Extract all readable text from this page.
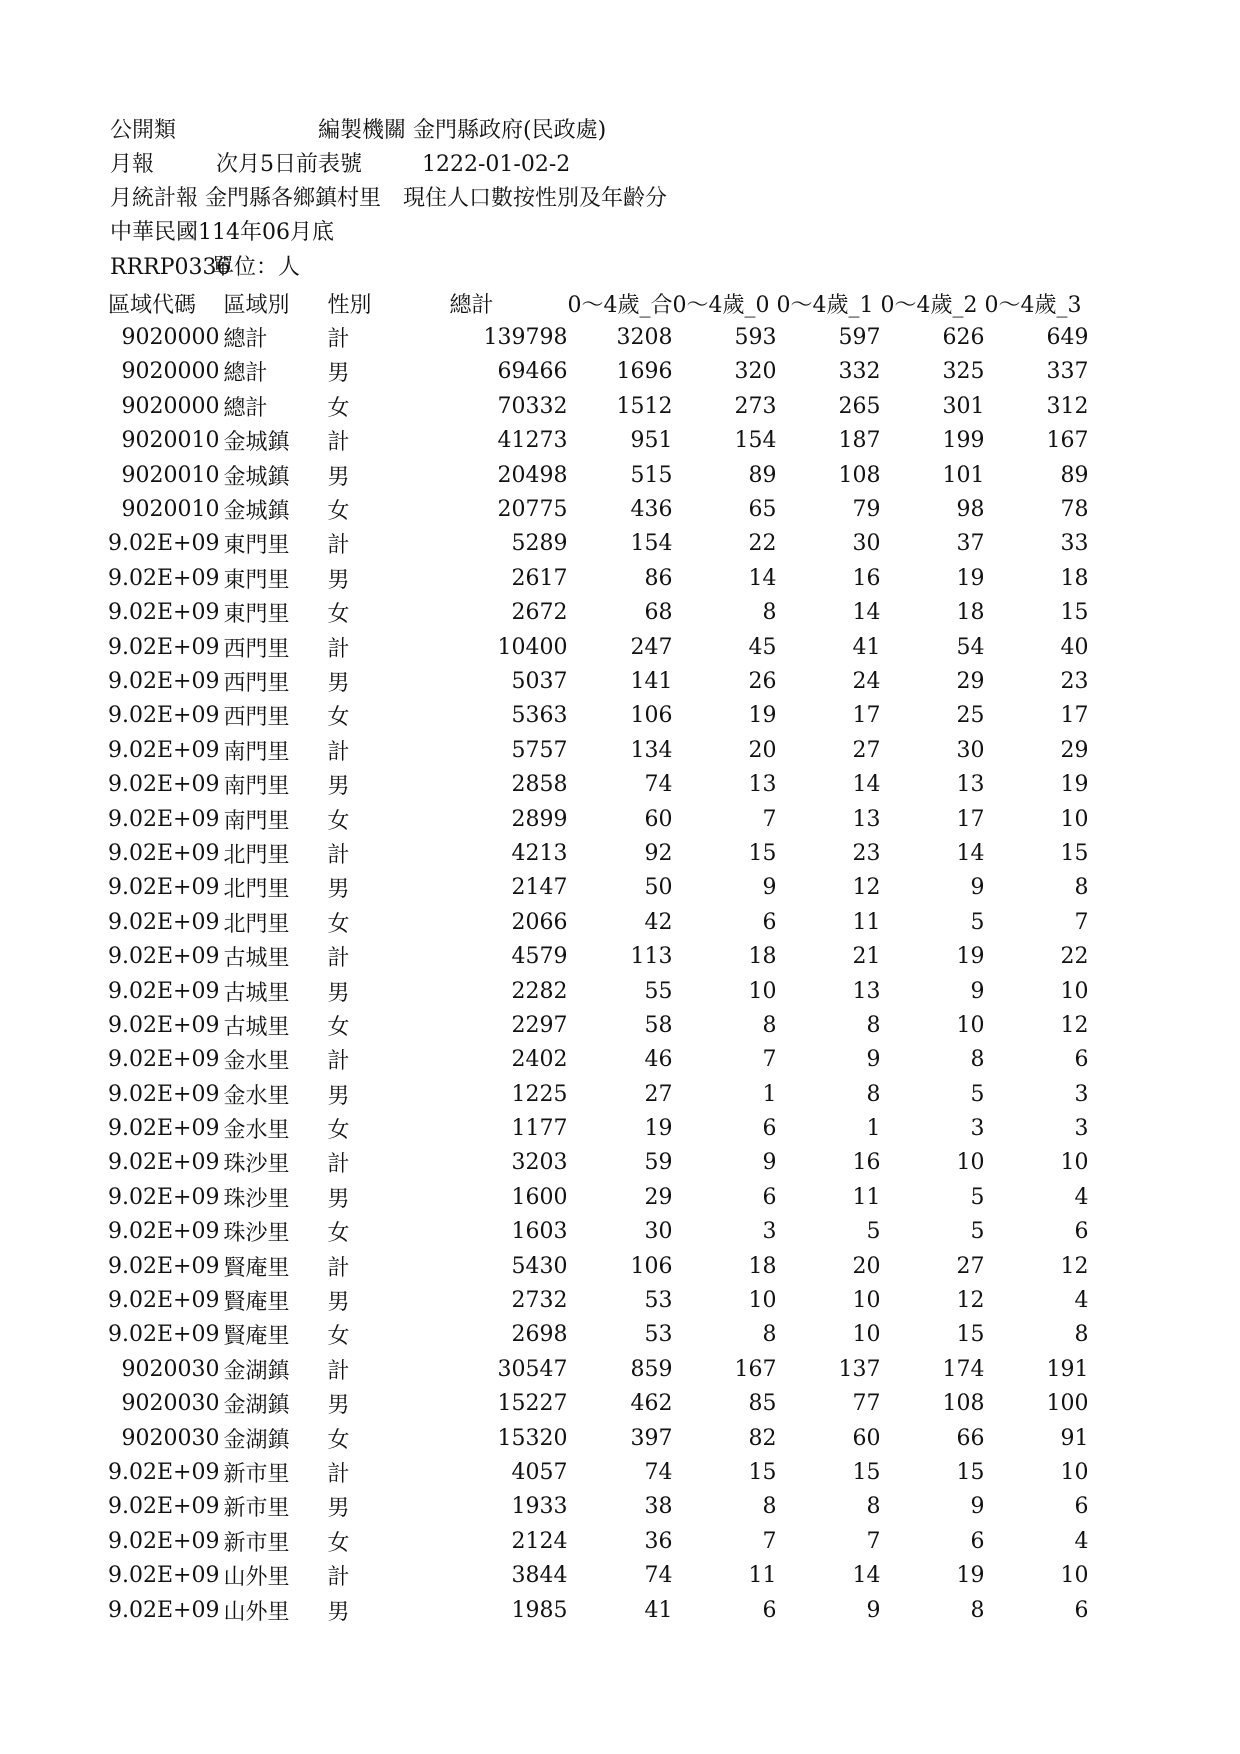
公開類	編製機關 金門縣政府(民政處)
月報	次月5日前 表號	1222-01-02-2
月統計報 金門縣各鄉鎮村里　現住人口數按性別及年齡分
中華民國114年06月底
RRRP0336
單位：人
區域代碼	區域別	性別	總計	0～4歲_合	0～4歲_0	0～4歲_1	0～4歲_2	0～4歲_3
9020000	總計	計	139798	3208	593	597	626	649
9020000	總計	男	69466	1696	320	332	325	337
9020000	總計	女	70332	1512	273	265	301	312
9020010	金城鎮	計	41273	951	154	187	199	167
9020010	金城鎮	男	20498	515	89	108	101	89
9020010	金城鎮	女	20775	436	65	79	98	78
9.02E+09	東門里	計	5289	154	22	30	37	33
9.02E+09	東門里	男	2617	86	14	16	19	18
9.02E+09	東門里	女	2672	68	8	14	18	15
9.02E+09	西門里	計	10400	247	45	41	54	40
9.02E+09	西門里	男	5037	141	26	24	29	23
9.02E+09	西門里	女	5363	106	19	17	25	17
9.02E+09	南門里	計	5757	134	20	27	30	29
9.02E+09	南門里	男	2858	74	13	14	13	19
9.02E+09	南門里	女	2899	60	7	13	17	10
9.02E+09	北門里	計	4213	92	15	23	14	15
9.02E+09	北門里	男	2147	50	9	12	9	8
9.02E+09	北門里	女	2066	42	6	11	5	7
9.02E+09	古城里	計	4579	113	18	21	19	22
9.02E+09	古城里	男	2282	55	10	13	9	10
9.02E+09	古城里	女	2297	58	8	8	10	12
9.02E+09	金水里	計	2402	46	7	9	8	6
9.02E+09	金水里	男	1225	27	1	8	5	3
9.02E+09	金水里	女	1177	19	6	1	3	3
9.02E+09	珠沙里	計	3203	59	9	16	10	10
9.02E+09	珠沙里	男	1600	29	6	11	5	4
9.02E+09	珠沙里	女	1603	30	3	5	5	6
9.02E+09	賢庵里	計	5430	106	18	20	27	12
9.02E+09	賢庵里	男	2732	53	10	10	12	4
9.02E+09	賢庵里	女	2698	53	8	10	15	8
9020030	金湖鎮	計	30547	859	167	137	174	191
9020030	金湖鎮	男	15227	462	85	77	108	100
9020030	金湖鎮	女	15320	397	82	60	66	91
9.02E+09	新市里	計	4057	74	15	15	15	10
9.02E+09	新市里	男	1933	38	8	8	9	6
9.02E+09	新市里	女	2124	36	7	7	6	4
9.02E+09	山外里	計	3844	74	11	14	19	10
9.02E+09	山外里	男	1985	41	6	9	8	6
